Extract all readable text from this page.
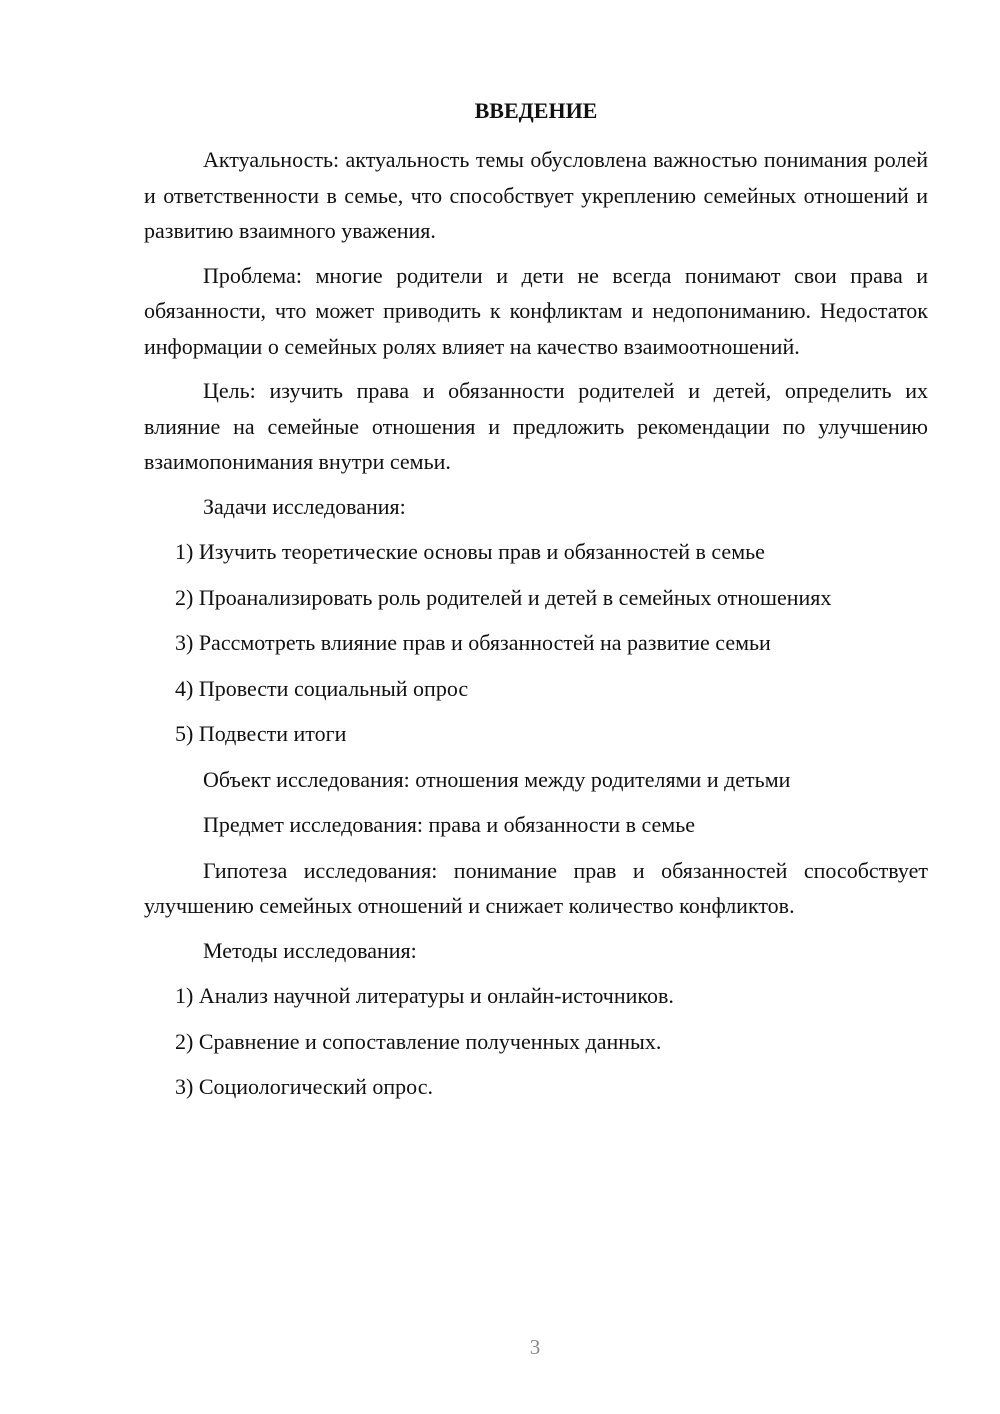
ВВЕДЕНИЕ

Актуальность: актуальность темы обусловлена важностью понимания ролей и ответственности в семье, что способствует укреплению семейных отношений и развитию взаимного уважения.

Проблема: многие родители и дети не всегда понимают свои права и обязанности, что может приводить к конфликтам и недопониманию. Недостаток информации о семейных ролях влияет на качество взаимоотношений.

Цель: изучить права и обязанности родителей и детей, определить их влияние на семейные отношения и предложить рекомендации по улучшению взаимопонимания внутри семьи.

Задачи исследования:
1) Изучить теоретические основы прав и обязанностей в семье
2) Проанализировать роль родителей и детей в семейных отношениях
3) Рассмотреть влияние прав и обязанностей на развитие семьи
4) Провести социальный опрос
5) Подвести итоги
Объект исследования: отношения между родителями и детьми
Предмет исследования: права и обязанности в семье

Гипотеза исследования: понимание прав и обязанностей способствует улучшению семейных отношений и снижает количество конфликтов.

Методы исследования:
1) Анализ научной литературы и онлайн-источников.
2) Сравнение и сопоставление полученных данных.
3) Социологический опрос.
3
